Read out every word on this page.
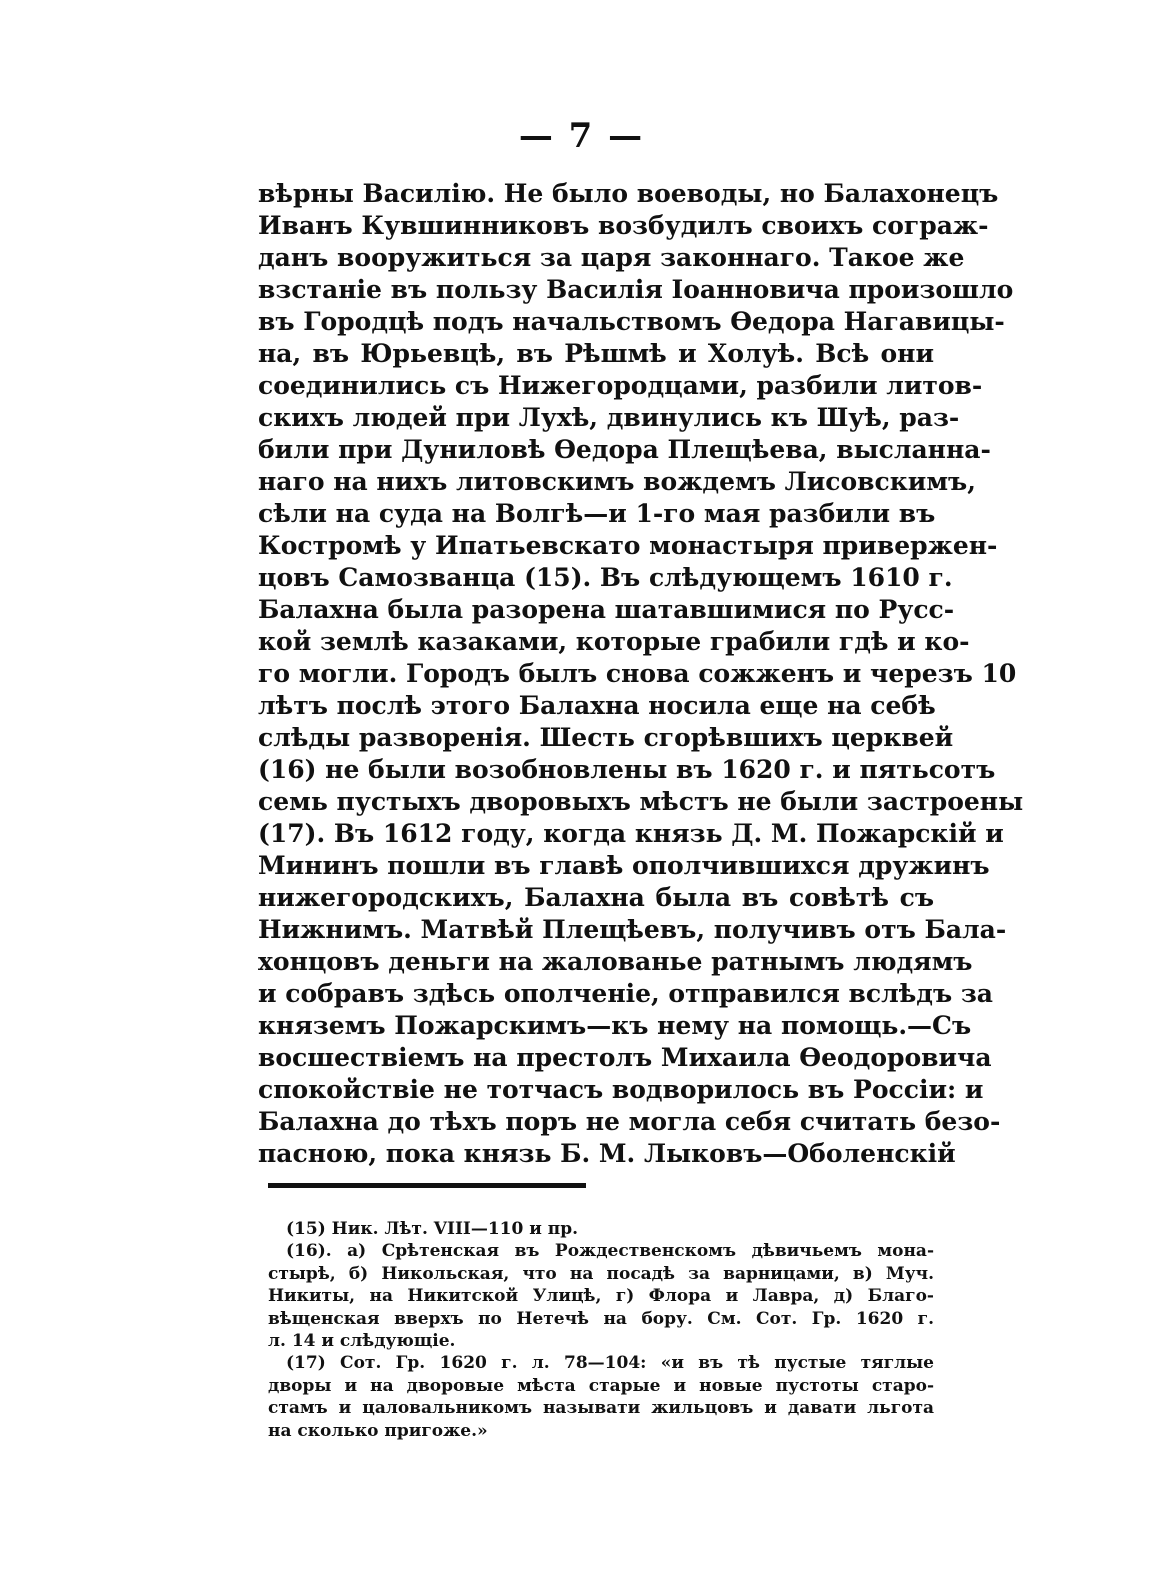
— 7 —
вѣрны Василію. Не было воеводы, но Балахонецъ
Иванъ Кувшинниковъ возбудилъ своихъ сограж-
данъ вооружиться за царя законнаго. Такое же
взстаніе въ пользу Василія Іоанновича произошло
въ Городцѣ подъ начальствомъ Ѳедора Нагавицы-
на, въ Юрьевцѣ, въ Рѣшмѣ и Холуѣ. Всѣ они
соединились съ Нижегородцами, разбили литов-
скихъ людей при Лухѣ, двинулись къ Шуѣ, раз-
били при Дуниловѣ Ѳедора Плещѣева, высланна-
наго на нихъ литовскимъ вождемъ Лисовскимъ,
сѣли на суда на Волгѣ—и 1-го мая разбили въ
Костромѣ у Ипатьевскато монастыря привержен-
цовъ Самозванца (15). Въ слѣдующемъ 1610 г.
Балахна была разорена шатавшимися по Русс-
кой землѣ казаками, которые грабили гдѣ и ко-
го могли. Городъ былъ снова сожженъ и черезъ 10
лѣтъ послѣ этого Балахна носила еще на себѣ
слѣды разворенія. Шесть сгорѣвшихъ церквей
(16) не были возобновлены въ 1620 г. и пятьсотъ
семь пустыхъ дворовыхъ мѣстъ не были застроены
(17). Въ 1612 году, когда князь Д. М. Пожарскій и
Мининъ пошли въ главѣ ополчившихся дружинъ
нижегородскихъ, Балахна была въ совѣтѣ съ
Нижнимъ. Матвѣй Плещѣевъ, получивъ отъ Бала-
хонцовъ деньги на жалованье ратнымъ людямъ
и собравъ здѣсь ополченіе, отправился вслѣдъ за
княземъ Пожарскимъ—къ нему на помощь.—Съ
восшествіемъ на престолъ Михаила Ѳеодоровича
спокойствіе не тотчасъ водворилось въ Россіи: и
Балахна до тѣхъ поръ не могла себя считать безо-
пасною, пока князь Б. М. Лыковъ—Оболенскій
(15) Ник. Лѣт. VIII—110 и пр.
(16). а) Срѣтенская въ Рождественскомъ дѣвичьемъ мона-
стырѣ, б) Никольская, что на посадѣ за варницами, в) Муч.
Никиты, на Никитской Улицѣ, г) Флора и Лавра, д) Благо-
вѣщенская вверхъ по Нетечѣ на бору. См. Сот. Гр. 1620 г.
л. 14 и слѣдующіе.
(17) Сот. Гр. 1620 г. л. 78—104: «и въ тѣ пустые тяглые
дворы и на дворовые мѣста старые и новые пустоты старо-
стамъ и цаловальникомъ называти жильцовъ и давати льгота
на сколько пригоже.»
